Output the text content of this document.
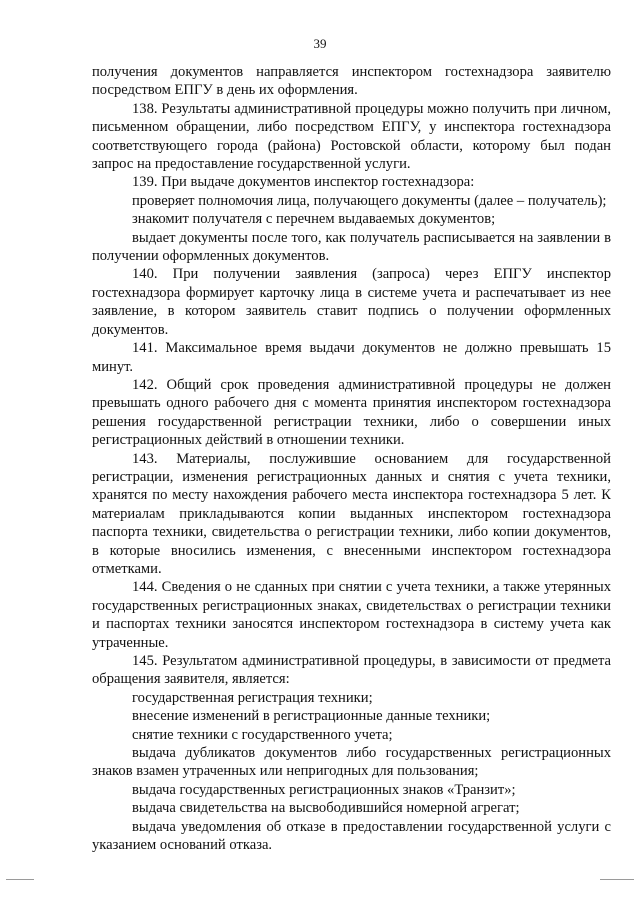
39

получения документов направляется инспектором гостехнадзора заявителю посредством ЕПГУ в день их оформления.

138. Результаты административной процедуры можно получить при личном, письменном обращении, либо посредством ЕПГУ, у инспектора гостехнадзора соответствующего города (района) Ростовской области, которому был подан запрос на предоставление государственной услуги.

139. При выдаче документов инспектор гостехнадзора:

проверяет полномочия лица, получающего документы (далее – получатель);

знакомит получателя с перечнем выдаваемых документов;

выдает документы после того, как получатель расписывается на заявлении в получении оформленных документов.

140. При получении заявления (запроса) через ЕПГУ инспектор гостехнадзора формирует карточку лица в системе учета и распечатывает из нее заявление, в котором заявитель ставит подпись о получении оформленных документов.

141. Максимальное время выдачи документов не должно превышать 15 минут.

142. Общий срок проведения административной процедуры не должен превышать одного рабочего дня с момента принятия инспектором гостехнадзора решения государственной регистрации техники, либо о совершении иных регистрационных действий в отношении техники.

143. Материалы, послужившие основанием для государственной регистрации, изменения регистрационных данных и снятия с учета техники, хранятся по месту нахождения рабочего места инспектора гостехнадзора 5 лет. К материалам прикладываются копии выданных инспектором гостехнадзора паспорта техники, свидетельства о регистрации техники, либо копии документов, в которые вносились изменения, с внесенными инспектором гостехнадзора отметками.

144. Сведения о не сданных при снятии с учета техники, а также утерянных государственных регистрационных знаках, свидетельствах о регистрации техники и паспортах техники заносятся инспектором гостехнадзора в систему учета как утраченные.

145. Результатом административной процедуры, в зависимости от предмета обращения заявителя, является:

государственная регистрация техники;

внесение изменений в регистрационные данные техники;

снятие техники с государственного учета;

выдача дубликатов документов либо государственных регистрационных знаков взамен утраченных или непригодных для пользования;

выдача государственных регистрационных знаков «Транзит»;

выдача свидетельства на высвободившийся номерной агрегат;

выдача уведомления об отказе в предоставлении государственной услуги с указанием оснований отказа.
